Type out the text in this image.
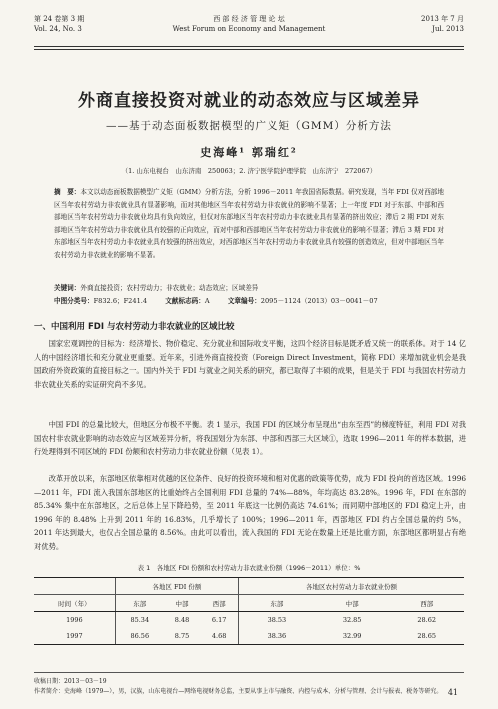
第 24 卷第 3 期
Vol. 24, No. 3
西 部 经 济 管 理 论 坛
West Forum on Economy and Management
2013 年 7 月
Jul. 2013
外商直接投资对就业的动态效应与区域差异
——基于动态面板数据模型的广义矩（GMM）分析方法
史海峰¹ 郭瑞红²
（1. 山东电视台　山东济南　250063；2. 济宁医学院护理学院　山东济宁　272067）
摘　要：本文以动态面板数据模型广义矩（GMM）分析方法，分析 1996－2011 年我国省际数据。研究发现，当年 FDI 仅对西部地区当年农村劳动力非农就业具有显著影响，而对其他地区当年农村劳动力非农就业的影响不显著；上一年度 FDI 对于东部、中部和西部地区当年农村劳动力非农就业均具有负向效应，但仅对东部地区当年农村劳动力非农就业具有显著的挤出效应；滞后 2 期 FDI 对东部地区当年农村劳动力非农就业具有较强的正向效应，而对中部和西部地区当年农村劳动力非农就业的影响不显著；滞后 3 期 FDI 对东部地区当年农村劳动力非农就业具有较强的挤出效应，对西部地区当年农村劳动力非农就业具有较强的创造效应，但对中部地区当年农村劳动力非农就业的影响不显著。
关键词：外商直接投资；农村劳动力；非农就业；动态效应；区域差异
中图分类号：F832.6；F241.4	文献标志码：A	文章编号：2095－1124（2013）03－0041－07
一、中国利用 FDI 与农村劳动力非农就业的区域比较
国家宏观调控的目标为：经济增长、物价稳定、充分就业和国际收支平衡，这四个经济目标是既矛盾又统一的联系体。对于 14 亿人的中国经济增长和充分就业更重要。近年来，引进外商直接投资（Foreign Direct Investment，简称 FDI）来增加就业机会是我国政府外资政策的直接目标之一。国内外关于 FDI 与就业之间关系的研究，都已取得了丰硕的成果，但是关于 FDI 与我国农村劳动力非农就业关系的实证研究尚不多见。
中国 FDI 的总量比较大，但地区分布极不平衡。表 1 显示，我国 FDI 的区域分布呈现出“由东至西”的梯度特征，利用 FDI 对我国农村非农就业影响的动态效应与区域差异分析，将我国划分为东部、中部和西部三大区域①，选取 1996—2011 年的样本数据，进行处理得到不同区域的 FDI 份额和农村劳动力非农就业份额（见表 1）。
改革开放以来，东部地区依靠相对优越的区位条件、良好的投资环境和相对优惠的政策等优势，成为 FDI 投向的首选区域。1996—2011 年，FDI 流入我国东部地区的比重始终占全国利用 FDI 总量的 74%—88%，年均高达 83.28%。1996 年，FDI 在东部的 85.34% 集中在东部地区，之后总体上呈下降趋势，至 2011 年底这一比例仍高达 74.61%；而同期中部地区的 FDI 稳定上升，由 1996 年的 8.48% 上升到 2011 年的 16.83%，几乎增长了 100%；1996—2011 年，西部地区 FDI 约占全国总量的约 5%，2011 年达到最大，也仅占全国总量的 8.56%。由此可以看出，流入我国的 FDI 无论在数量上还是比重方面，东部地区都明显占有绝对优势。
表 1　各地区 FDI 份额和农村劳动力非农就业份额（1996－2011）单位：%
	各地区 FDI 份额			各地区农村劳动力非农就业份额		
时间（年）	东部	中部	西部	东部	中部	西部
1996	85.34	8.48	6.17	38.53	32.85	28.62
1997	86.56	8.75	4.68	38.36	32.99	28.65
收稿日期：2013－03－19
作者简介：史海峰（1979—），男，汉族，山东电视台—网络电视财务总监，主要从事上市与融资、内控与成本、分析与管理、会计与报表、税务等研究。 41
